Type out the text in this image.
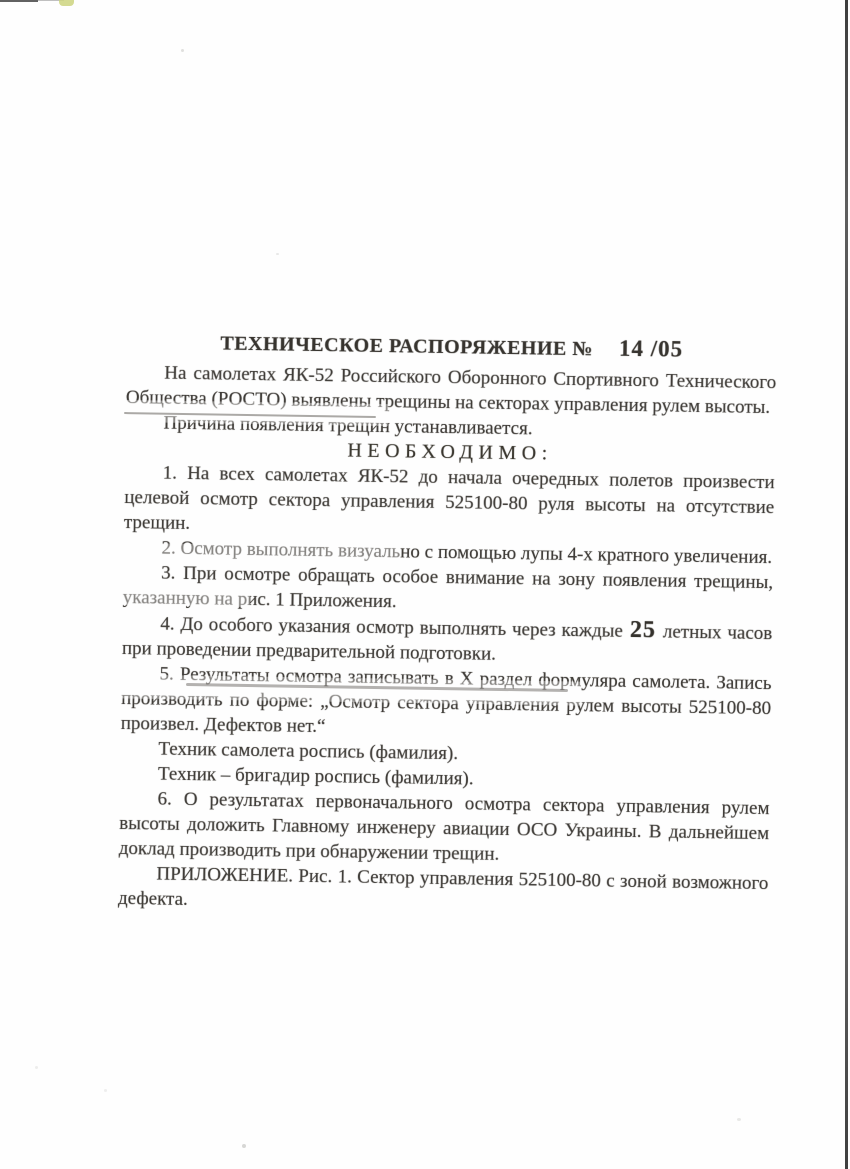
ТЕХНИЧЕСКОЕ РАСПОРЯЖЕНИЕ № 14 /05

На самолетах ЯК-52 Российского Оборонного Спортивного Технического Общества (РОСТО) выявлены трещины на секторах управления рулем высоты.

Причина появления трещин устанавливается.

НЕОБХОДИМО:

1. На всех самолетах ЯК-52 до начала очередных полетов произвести целевой осмотр сектора управления 525100-80 руля высоты на отсутствие трещин.

2. Осмотр выполнять визуально с помощью лупы 4-х кратного увеличения.

3. При осмотре обращать особое внимание на зону появления трещины, указанную на рис. 1 Приложения.

4. До особого указания осмотр выполнять через каждые 25 летных часов при проведении предварительной подготовки.

5. Результаты осмотра записывать в X раздел формуляра самолета. Запись производить по форме: „Осмотр сектора управления рулем высоты 525100-80 произвел. Дефектов нет.“

Техник самолета роспись (фамилия).

Техник – бригадир роспись (фамилия).

6. О результатах первоначального осмотра сектора управления рулем высоты доложить Главному инженеру авиации ОСО Украины. В дальнейшем доклад производить при обнаружении трещин.

ПРИЛОЖЕНИЕ. Рис. 1. Сектор управления 525100-80 с зоной возможного дефекта.
